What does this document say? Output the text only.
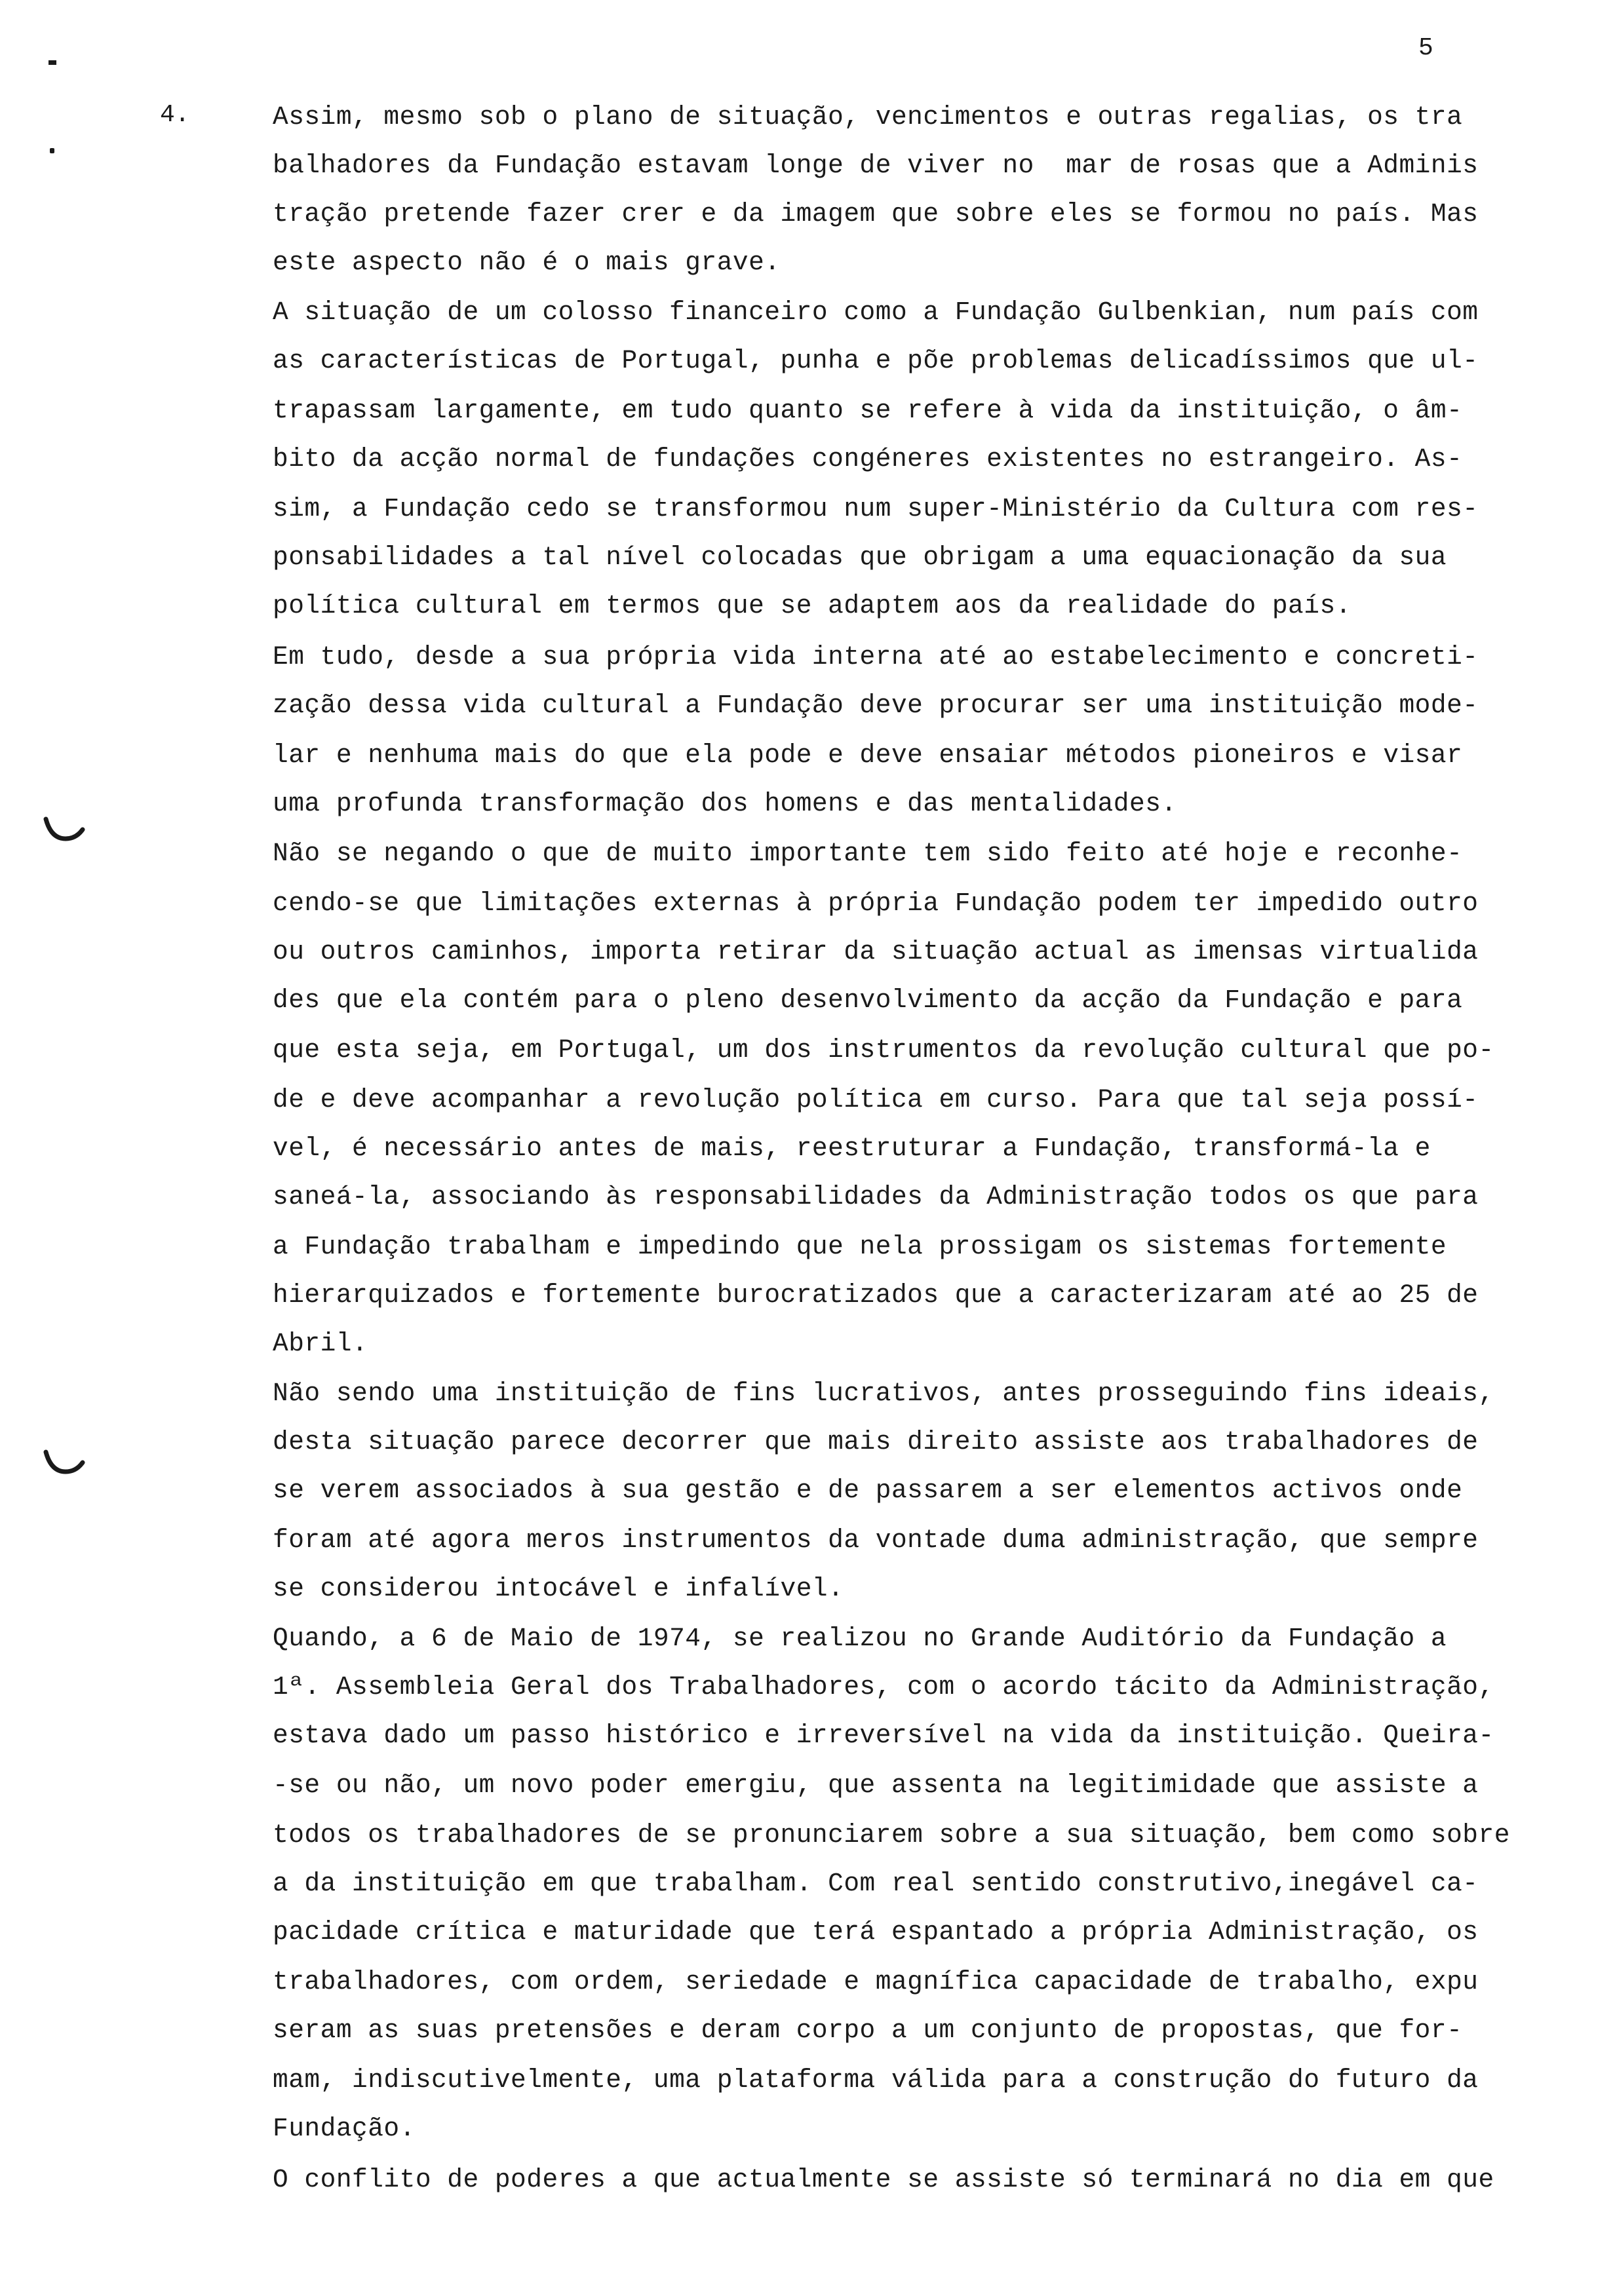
5
4.	Assim, mesmo sob o plano de situação, vencimentos e outras regalias, os tra
balhadores da Fundação estavam longe de viver no  mar de rosas que a Adminis
tração pretende fazer crer e da imagem que sobre eles se formou no país. Mas
este aspecto não é o mais grave.
A situação de um colosso financeiro como a Fundação Gulbenkian, num país com
as características de Portugal, punha e põe problemas delicadíssimos que ul-
trapassam largamente, em tudo quanto se refere à vida da instituição, o âm-
bito da acção normal de fundações congéneres existentes no estrangeiro. As-
sim, a Fundação cedo se transformou num super-Ministério da Cultura com res-
ponsabilidades a tal nível colocadas que obrigam a uma equacionação da sua
política cultural em termos que se adaptem aos da realidade do país.
Em tudo, desde a sua própria vida interna até ao estabelecimento e concreti-
zação dessa vida cultural a Fundação deve procurar ser uma instituição mode-
lar e nenhuma mais do que ela pode e deve ensaiar métodos pioneiros e visar
uma profunda transformação dos homens e das mentalidades.
Não se negando o que de muito importante tem sido feito até hoje e reconhe-
cendo-se que limitações externas à própria Fundação podem ter impedido outro
ou outros caminhos, importa retirar da situação actual as imensas virtualida
des que ela contém para o pleno desenvolvimento da acção da Fundação e para
que esta seja, em Portugal, um dos instrumentos da revolução cultural que po-
de e deve acompanhar a revolução política em curso. Para que tal seja possí-
vel, é necessário antes de mais, reestruturar a Fundação, transformá-la e
saneá-la, associando às responsabilidades da Administração todos os que para
a Fundação trabalham e impedindo que nela prossigam os sistemas fortemente
hierarquizados e fortemente burocratizados que a caracterizaram até ao 25 de
Abril.
Não sendo uma instituição de fins lucrativos, antes prosseguindo fins ideais,
desta situação parece decorrer que mais direito assiste aos trabalhadores de
se verem associados à sua gestão e de passarem a ser elementos activos onde
foram até agora meros instrumentos da vontade duma administração, que sempre
se considerou intocável e infalível.
Quando, a 6 de Maio de 1974, se realizou no Grande Auditório da Fundação a
1ª. Assembleia Geral dos Trabalhadores, com o acordo tácito da Administração,
estava dado um passo histórico e irreversível na vida da instituição. Queira-
-se ou não, um novo poder emergiu, que assenta na legitimidade que assiste a
todos os trabalhadores de se pronunciarem sobre a sua situação, bem como sobre
a da instituição em que trabalham. Com real sentido construtivo,inegável ca-
pacidade crítica e maturidade que terá espantado a própria Administração, os
trabalhadores, com ordem, seriedade e magnífica capacidade de trabalho, expu
seram as suas pretensões e deram corpo a um conjunto de propostas, que for-
mam, indiscutivelmente, uma plataforma válida para a construção do futuro da
Fundação.
O conflito de poderes a que actualmente se assiste só terminará no dia em que
